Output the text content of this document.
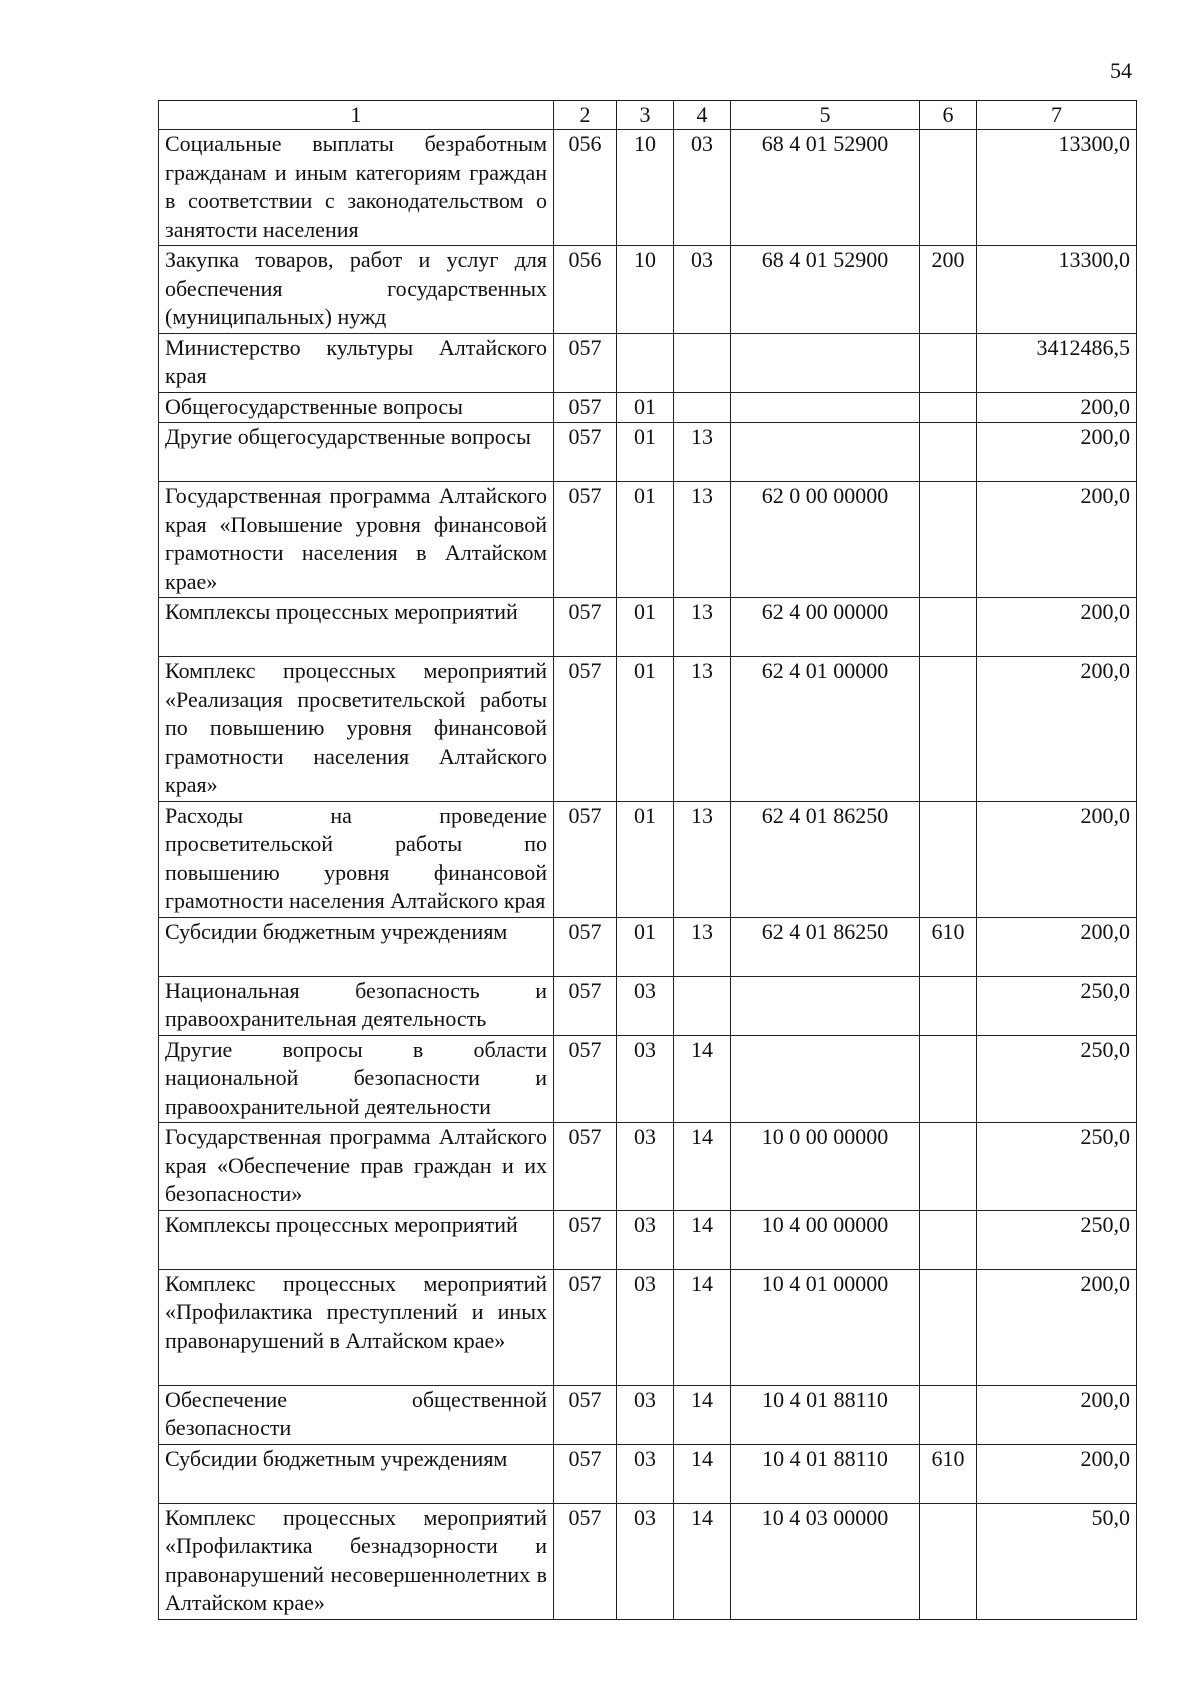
54
1	2	3	4	5	6	7
Социальные выплаты безработным гражданам и иным категориям граждан в соответствии с законодательством о занятости населения	056	10	03	68 4 01 52900		13300,0
Закупка товаров, работ и услуг для обеспечения государственных (муниципальных) нужд	056	10	03	68 4 01 52900	200	13300,0
Министерство культуры Алтайского края	057					3412486,5
Общегосударственные вопросы	057	01				200,0
Другие общегосударственные вопросы	057	01	13			200,0
Государственная программа Алтайского края «Повышение уровня финансовой грамотности населения в Алтайском крае»	057	01	13	62 0 00 00000		200,0
Комплексы процессных мероприятий	057	01	13	62 4 00 00000		200,0
Комплекс процессных мероприятий «Реализация просветительской работы по повышению уровня финансовой грамотности населения Алтайского края»	057	01	13	62 4 01 00000		200,0
Расходы на проведение просветительской работы по повышению уровня финансовой грамотности населения Алтайского края	057	01	13	62 4 01 86250		200,0
Субсидии бюджетным учреждениям	057	01	13	62 4 01 86250	610	200,0
Национальная безопасность и правоохранительная деятельность	057	03				250,0
Другие вопросы в области национальной безопасности и правоохранительной деятельности	057	03	14			250,0
Государственная программа Алтайского края «Обеспечение прав граждан и их безопасности»	057	03	14	10 0 00 00000		250,0
Комплексы процессных мероприятий	057	03	14	10 4 00 00000		250,0
Комплекс процессных мероприятий «Профилактика преступлений и иных правонарушений в Алтайском крае»	057	03	14	10 4 01 00000		200,0
Обеспечение общественной безопасности	057	03	14	10 4 01 88110		200,0
Субсидии бюджетным учреждениям	057	03	14	10 4 01 88110	610	200,0
Комплекс процессных мероприятий «Профилактика безнадзорности и правонарушений несовершеннолетних в Алтайском крае»	057	03	14	10 4 03 00000		50,0
